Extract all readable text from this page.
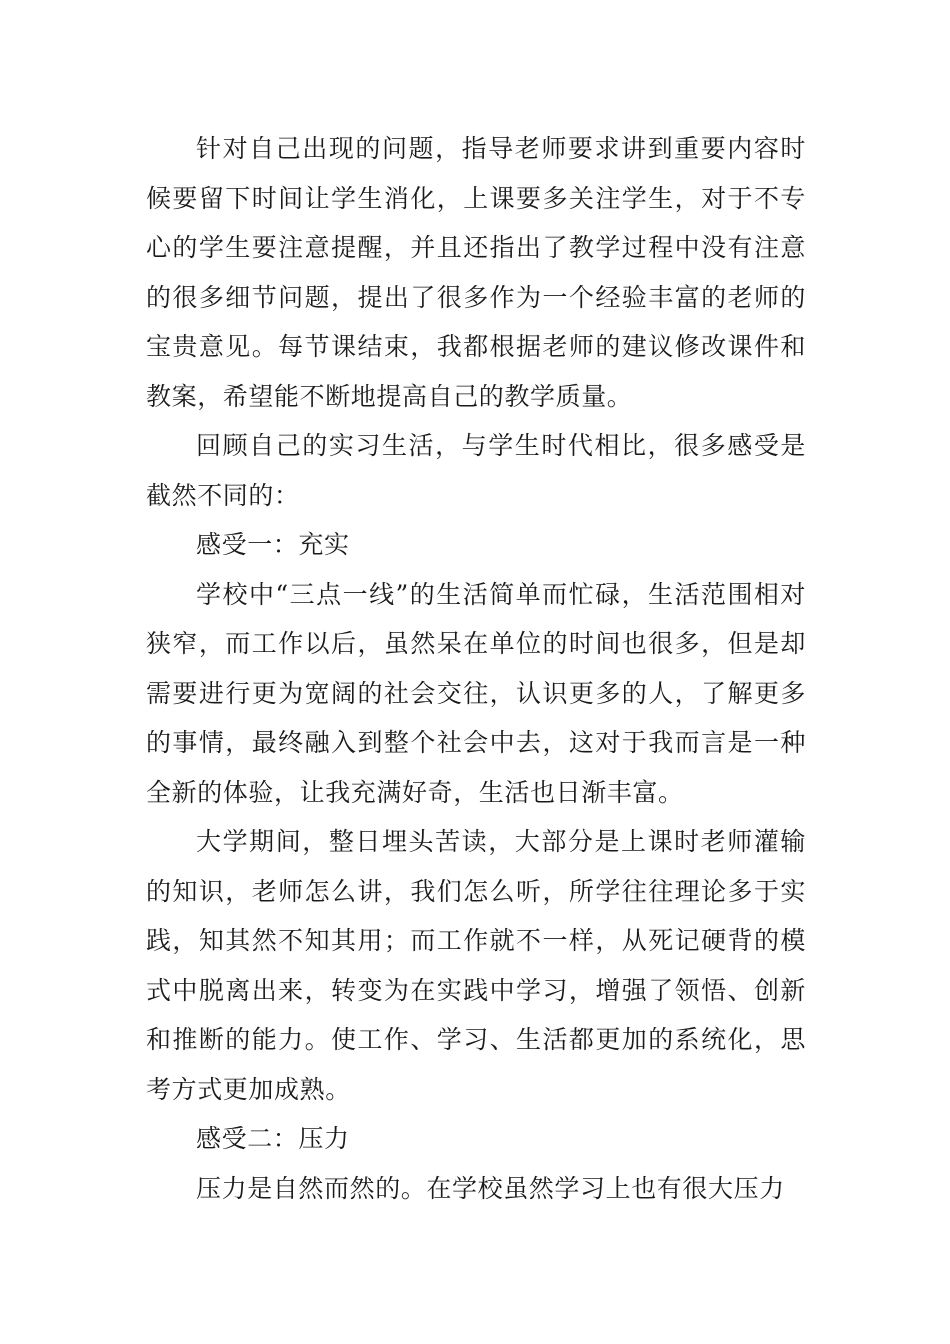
针对自己出现的问题，指导老师要求讲到重要内容时候要留下时间让学生消化，上课要多关注学生，对于不专心的学生要注意提醒，并且还指出了教学过程中没有注意的很多细节问题，提出了很多作为一个经验丰富的老师的宝贵意见。每节课结束，我都根据老师的建议修改课件和教案，希望能不断地提高自己的教学质量。

回顾自己的实习生活，与学生时代相比，很多感受是截然不同的：

感受一：充实

学校中“三点一线”的生活简单而忙碌，生活范围相对狭窄，而工作以后，虽然呆在单位的时间也很多，但是却需要进行更为宽阔的社会交往，认识更多的人，了解更多的事情，最终融入到整个社会中去，这对于我而言是一种全新的体验，让我充满好奇，生活也日渐丰富。

大学期间，整日埋头苦读，大部分是上课时老师灌输的知识，老师怎么讲，我们怎么听，所学往往理论多于实践，知其然不知其用；而工作就不一样，从死记硬背的模式中脱离出来，转变为在实践中学习，增强了领悟、创新和推断的能力。使工作、学习、生活都更加的系统化，思考方式更加成熟。

感受二：压力

压力是自然而然的。在学校虽然学习上也有很大压力
